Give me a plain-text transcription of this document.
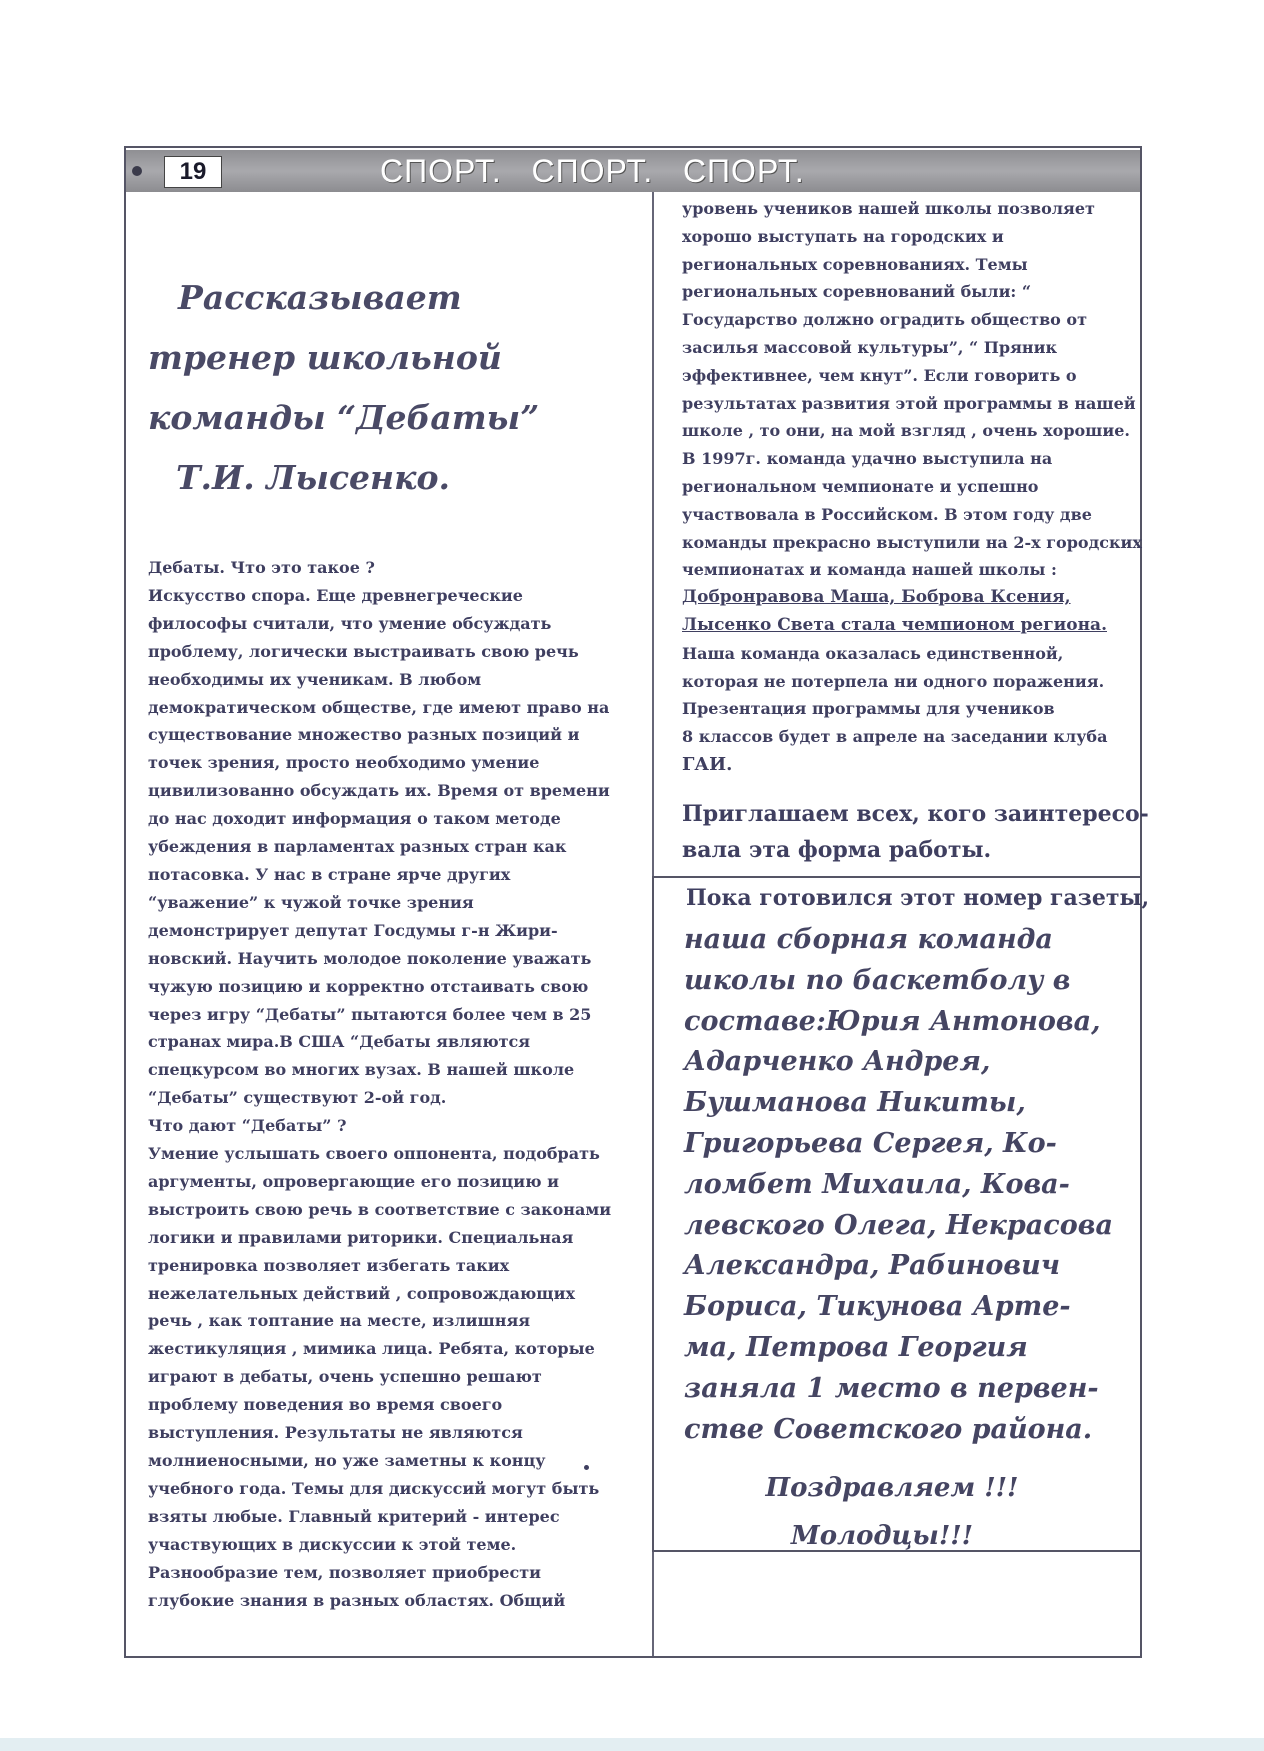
19	СПОРТ.   СПОРТ.   СПОРТ.
Рассказывает
тренер школьной
команды “Дебаты”
Т.И. Лысенко.
Дебаты. Что это такое ?
Искусство спора. Еще древнегреческие
философы считали, что умение обсуждать
проблему, логически выстраивать свою речь
необходимы их ученикам. В любом
демократическом обществе, где имеют право на
существование множество разных позиций и
точек зрения, просто необходимо умение
цивилизованно обсуждать их. Время от времени
до нас доходит информация о таком методе
убеждения в парламентах разных стран как
потасовка. У нас в стране ярче других
“уважение” к чужой точке зрения
демонстрирует депутат Госдумы г-н Жири-
новский. Научить молодое поколение уважать
чужую позицию и корректно отстаивать свою
через игру “Дебаты” пытаются более чем в 25
странах мира.В США “Дебаты являются
спецкурсом во многих вузах. В нашей школе
“Дебаты” существуют 2-ой год.
Что дают “Дебаты” ?
Умение услышать своего оппонента, подобрать
аргументы, опровергающие его позицию и
выстроить свою речь в соответствие с законами
логики и правилами риторики. Специальная
тренировка позволяет избегать таких
нежелательных действий , сопровождающих
речь , как топтание на месте, излишняя
жестикуляция , мимика лица. Ребята, которые
играют в дебаты, очень успешно решают
проблему поведения во время своего
выступления. Результаты не являются
молниеносными, но уже заметны к концу
учебного года. Темы для дискуссий могут быть
взяты любые. Главный критерий - интерес
участвующих в дискуссии к этой теме.
Разнообразие тем, позволяет приобрести
глубокие знания в разных областях. Общий
уровень учеников нашей школы позволяет
хорошо выступать на городских и
региональных соревнованиях. Темы
региональных соревнований были: “
Государство должно оградить общество от
засилья массовой культуры”, “ Пряник
эффективнее, чем кнут”. Если говорить о
результатах развития этой программы в нашей
школе , то они, на мой взгляд , очень хорошие.
В 1997г. команда удачно выступила на
региональном чемпионате и успешно
участвовала в Российском. В этом году две
команды прекрасно выступили на 2-х городских
чемпионатах и команда нашей школы :
Добронравова Маша, Боброва Ксения,
Лысенко Света стала чемпионом региона.
Наша команда оказалась единственной,
которая не потерпела ни одного поражения.
Презентация программы для учеников
8 классов будет в апреле на заседании клуба
ГАИ.
Приглашаем всех, кого заинтересо-
вала эта форма работы.
Пока готовился этот номер газеты,
наша сборная команда
школы по баскетболу в
составе:Юрия Антонова,
Адарченко Андрея,
Бушманова Никиты,
Григорьева Сергея, Ко-
ломбет Михаила, Кова-
левского Олега, Некрасова
Александра, Рабинович
Бориса, Тикунова Арте-
ма, Петрова Георгия
заняла 1 место в первен-
стве Советского района.
Поздравляем !!!
Молодцы!!!
